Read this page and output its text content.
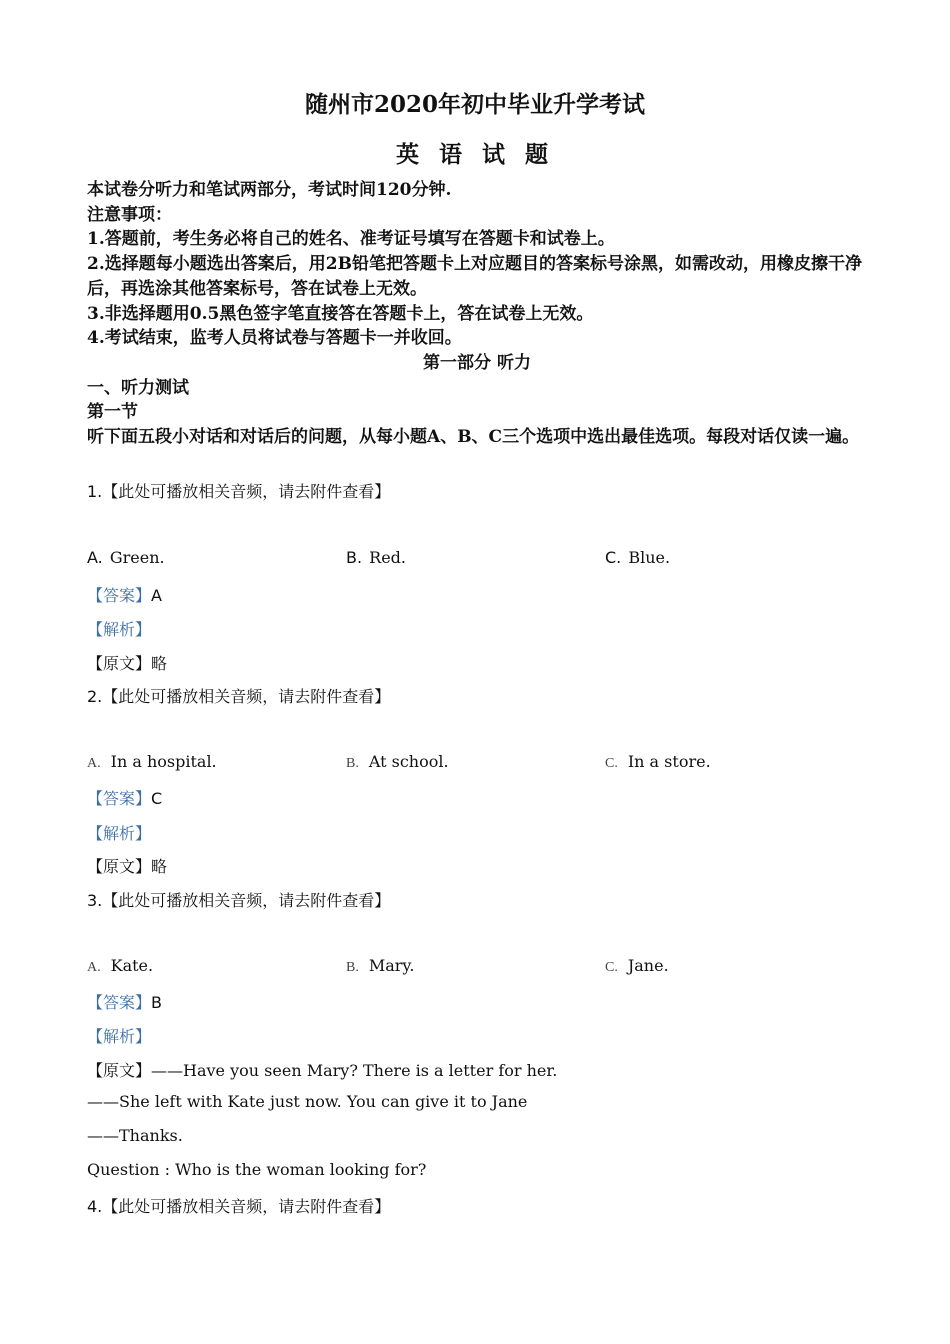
随州市2020年初中毕业升学考试
英 语 试 题
本试卷分听力和笔试两部分，考试时间120分钟.
注意事项：
1.答题前，考生务必将自己的姓名、准考证号填写在答题卡和试卷上。
2.选择题每小题选出答案后，用2B铅笔把答题卡上对应题目的答案标号涂黑，如需改动，用橡皮擦干净后，再选涂其他答案标号，答在试卷上无效。
3.非选择题用0.5黑色签字笔直接答在答题卡上，答在试卷上无效。
4.考试结束，监考人员将试卷与答题卡一并收回。
第一部分 听力
一、听力测试
第一节
听下面五段小对话和对话后的问题，从每小题A、B、C三个选项中选出最佳选项。每段对话仅读一遍。
1.【此处可播放相关音频，请去附件查看】
A. Green.	B. Red.	C. Blue.
【答案】A
【解析】
【原文】略
2.【此处可播放相关音频，请去附件查看】
A. In a hospital.	B. At school.	C. In a store.
【答案】C
【解析】
【原文】略
3.【此处可播放相关音频，请去附件查看】
A. Kate.	B. Mary.	C. Jane.
【答案】B
【解析】
【原文】——Have you seen Mary? There is a letter for her.
——She left with Kate just now. You can give it to Jane
——Thanks.
Question : Who is the woman looking for?
4.【此处可播放相关音频，请去附件查看】
